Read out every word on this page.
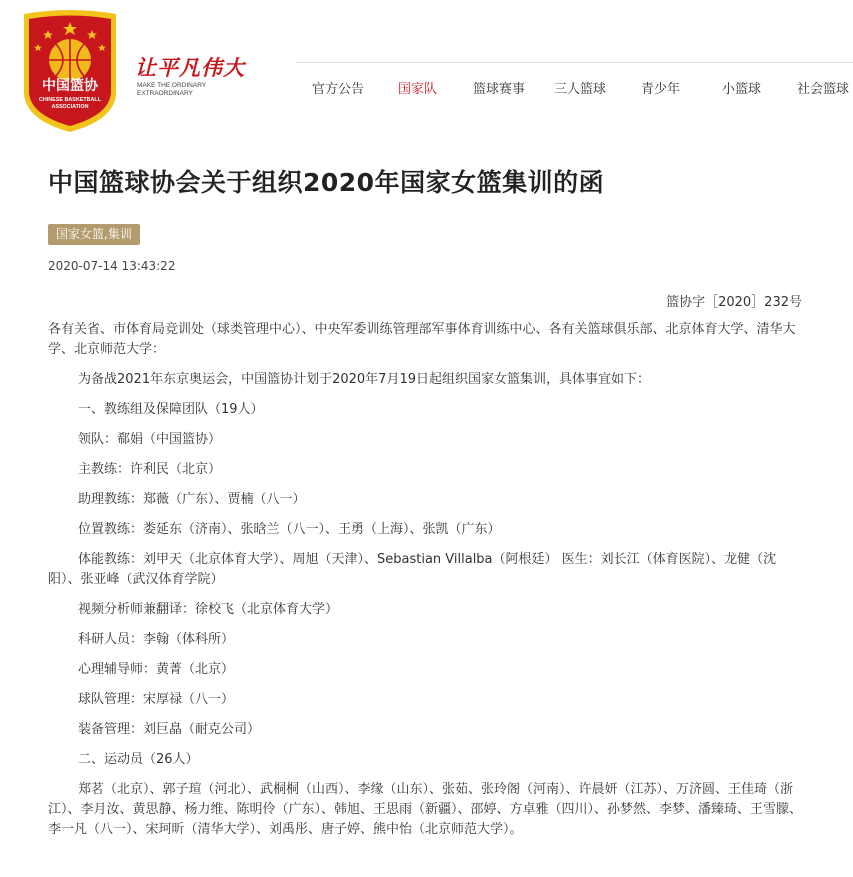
中国篮协
CHINESE BASKETBALL
ASSOCIATION
让平凡伟大
MAKE THE ORDINARY
EXTRAORDINARY	官方公告	国家队	篮球赛事 三人篮球	青少年	小篮球	社会篮球
中国篮球协会关于组织2020年国家女篮集训的函
国家女篮,集训
2020-07-14 13:43:22
篮协字［2020］232号

各有关省、市体育局竞训处（球类管理中心）、中央军委训练管理部军事体育训练中心、各有关篮球俱乐部、北京体育大学、清华大学、北京师范大学：

为备战2021年东京奥运会，中国篮协计划于2020年7月19日起组织国家女篮集训，具体事宜如下：

一、教练组及保障团队（19人）

领队：郗娟（中国篮协）

主教练：许利民（北京）

助理教练：郑薇（广东）、贾楠（八一）

位置教练：娄延东（济南）、张晗兰（八一）、王勇（上海）、张凯（广东）

体能教练：刘甲天（北京体育大学）、周旭（天津）、Sebastian Villalba（阿根廷） 医生：刘长江（体育医院）、龙健（沈阳）、张亚峰（武汉体育学院）

视频分析师兼翻译：徐校飞（北京体育大学）

科研人员：李翰（体科所）

心理辅导师：黄菁（北京）

球队管理：宋厚禄（八一）

装备管理：刘巨皛（耐克公司）

二、运动员（26人）

郑茗（北京）、郭子瑄（河北）、武桐桐（山西）、李缘（山东）、张茹、张玲阁（河南）、许晨妍（江苏）、万济圆、王佳琦（浙江）、李月汝、黄思静、杨力维、陈明伶（广东）、韩旭、王思雨（新疆）、邵婷、方卓雅（四川）、孙梦然、李梦、潘臻琦、王雪朦、李一凡（八一）、宋珂昕（清华大学）、刘禹彤、唐子婷、熊中怡（北京师范大学）。
